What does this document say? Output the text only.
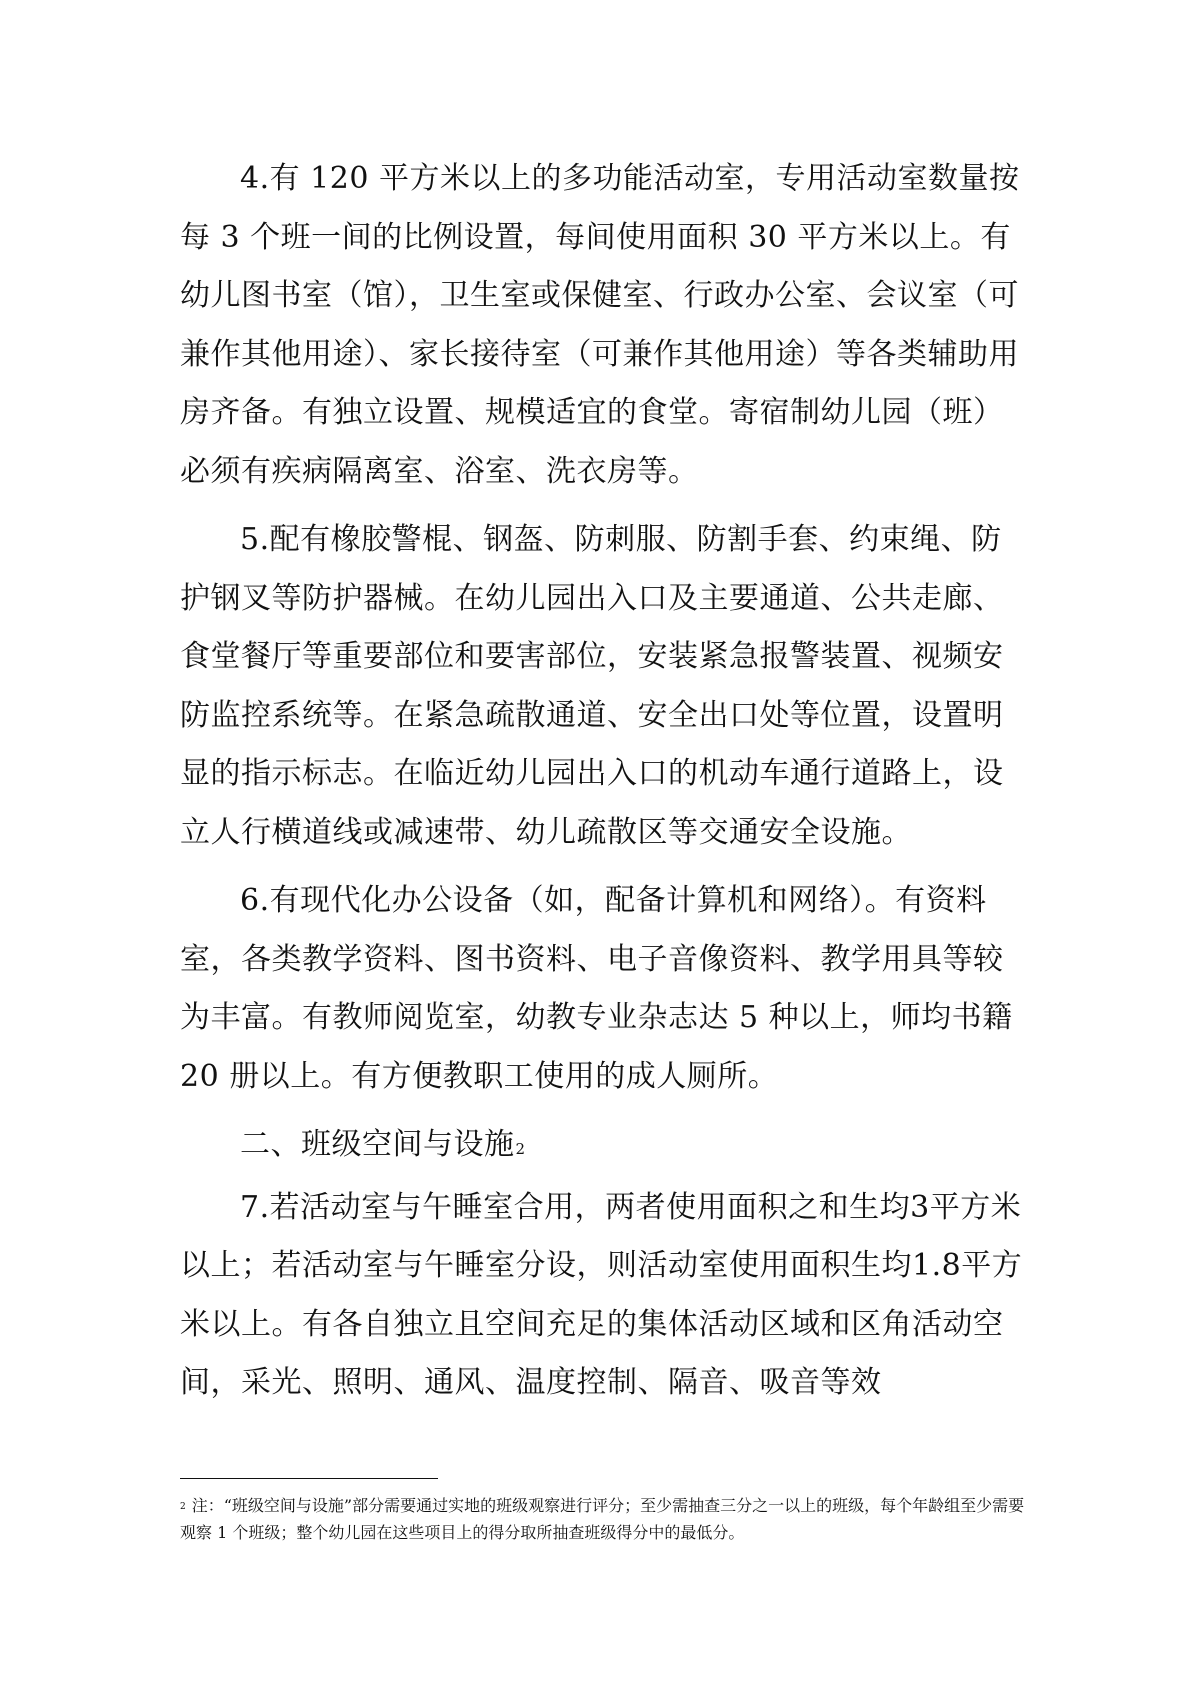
4.有 120 平方米以上的多功能活动室，专用活动室数量按每 3 个班一间的比例设置，每间使用面积 30 平方米以上。有幼儿图书室（馆），卫生室或保健室、行政办公室、会议室（可兼作其他用途）、家长接待室（可兼作其他用途）等各类辅助用房齐备。有独立设置、规模适宜的食堂。寄宿制幼儿园（班）必须有疾病隔离室、浴室、洗衣房等。

5.配有橡胶警棍、钢盔、防刺服、防割手套、约束绳、防护钢叉等防护器械。在幼儿园出入口及主要通道、公共走廊、食堂餐厅等重要部位和要害部位，安装紧急报警装置、视频安防监控系统等。在紧急疏散通道、安全出口处等位置，设置明显的指示标志。在临近幼儿园出入口的机动车通行道路上，设立人行横道线或减速带、幼儿疏散区等交通安全设施。

6.有现代化办公设备（如，配备计算机和网络）。有资料室，各类教学资料、图书资料、电子音像资料、教学用具等较为丰富。有教师阅览室，幼教专业杂志达 5 种以上，师均书籍 20 册以上。有方便教职工使用的成人厕所。

二、班级空间与设施2

7.若活动室与午睡室合用，两者使用面积之和生均3平方米以上；若活动室与午睡室分设，则活动室使用面积生均1.8平方米以上。有各自独立且空间充足的集体活动区域和区角活动空间，采光、照明、通风、温度控制、隔音、吸音等效

2 注：“班级空间与设施”部分需要通过实地的班级观察进行评分；至少需抽查三分之一以上的班级，每个年龄组至少需要观察 1 个班级；整个幼儿园在这些项目上的得分取所抽查班级得分中的最低分。
